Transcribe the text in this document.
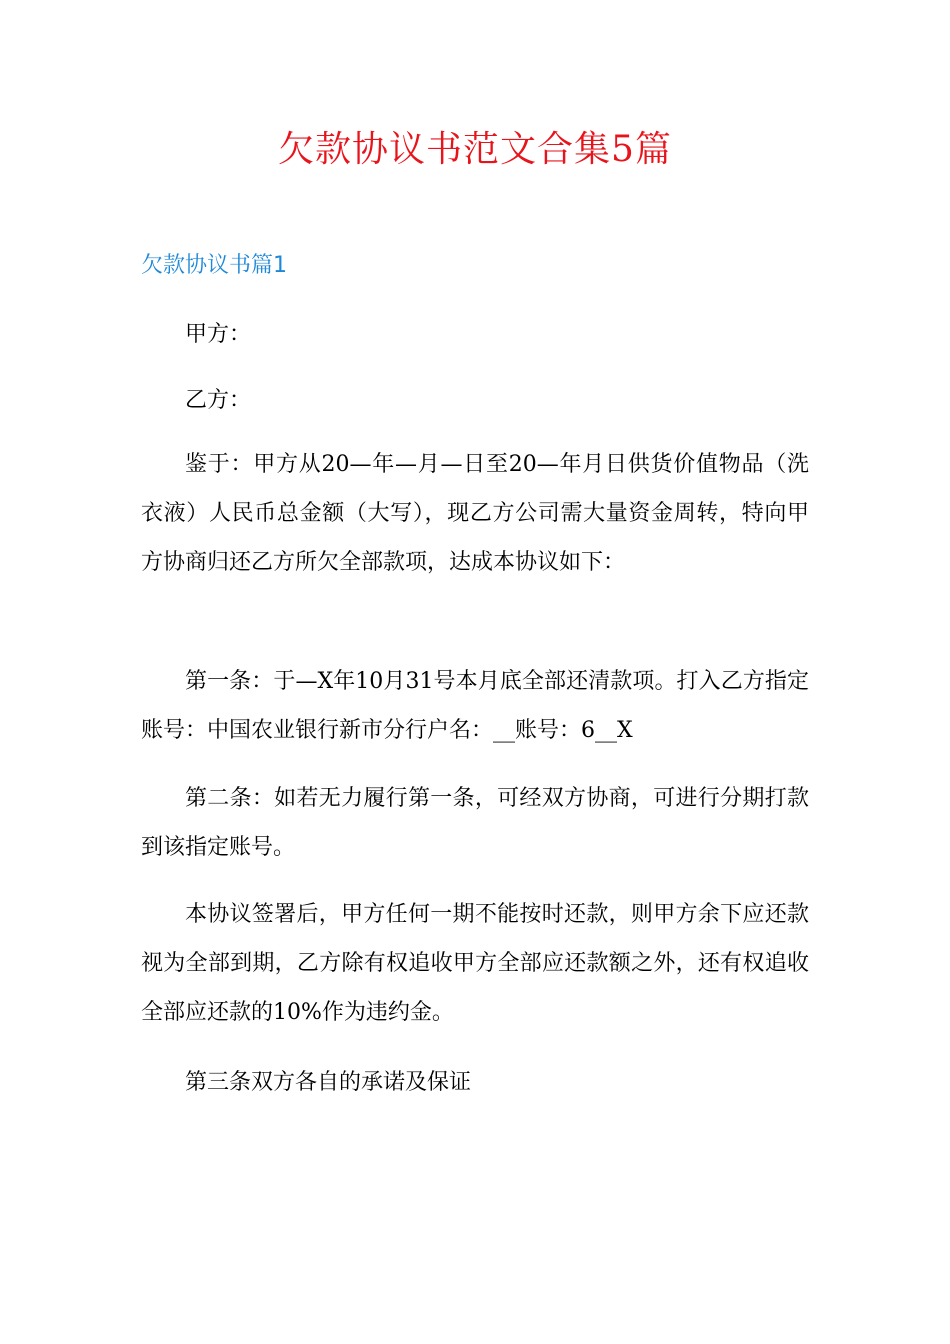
欠款协议书范文合集5篇
欠款协议书篇1

甲方：

乙方：

鉴于：甲方从20—年—月—日至20—年月日供货价值物品（洗衣液）人民币总金额（大写），现乙方公司需大量资金周转，特向甲方协商归还乙方所欠全部款项，达成本协议如下：

第一条：于—X年10月31号本月底全部还清款项。打入乙方指定账号：中国农业银行新市分行户名：__账号：6__X

第二条：如若无力履行第一条，可经双方协商，可进行分期打款到该指定账号。

本协议签署后，甲方任何一期不能按时还款，则甲方余下应还款视为全部到期，乙方除有权追收甲方全部应还款额之外，还有权追收全部应还款的10%作为违约金。

第三条双方各自的承诺及保证
